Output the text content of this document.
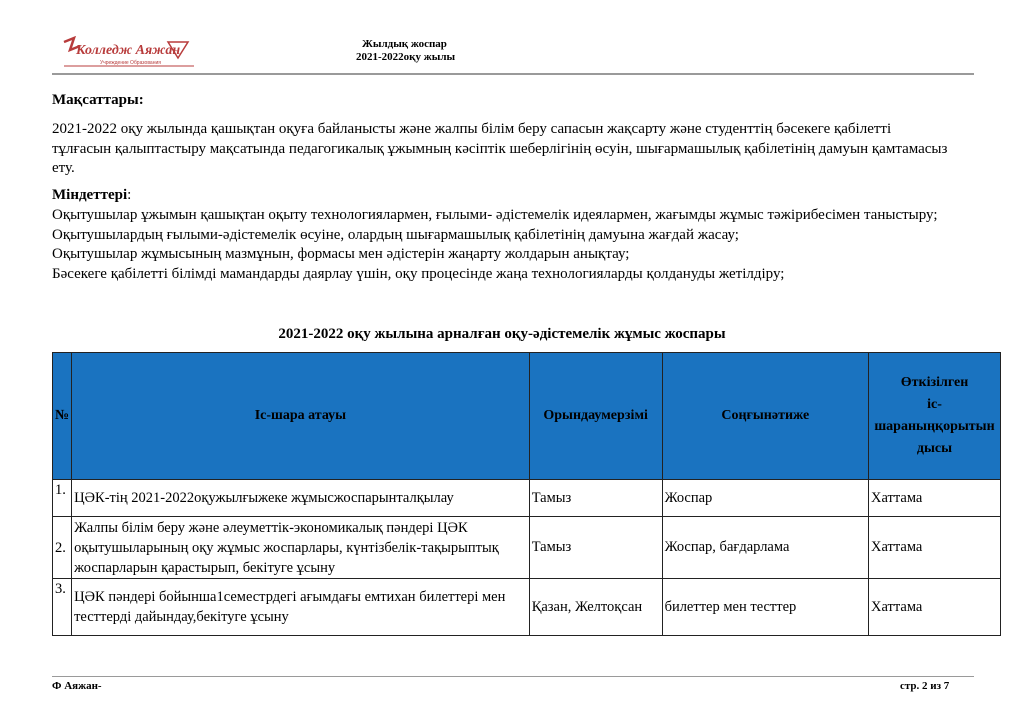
Колледж Аяжан
Учреждение Образования
Жылдық жоспар
2021-2022оқу жылы
Мақсаттары:
2021-2022 оқу жылында қашықтан оқуға байланысты және жалпы білім беру сапасын жақсарту және студенттің бәсекеге қабілетті тұлғасын қалыптастыру мақсатында педагогикалық ұжымның кәсіптік шеберлігінің өсуін, шығармашылық қабілетінің дамуын қамтамасыз ету.
Міндеттері:
Оқытушылар ұжымын қашықтан оқыту технологиялармен, ғылыми- әдістемелік идеялармен, жағымды жұмыс тәжірибесімен таныстыру;
Оқытушылардың ғылыми-әдістемелік өсуіне, олардың шығармашылық қабілетінің дамуына жағдай жасау;
Оқытушылар жұмысының мазмұнын, формасы мен әдістерін жаңарту жолдарын анықтау;
Бәсекеге қабілетті білімді мамандарды даярлау үшін, оқу процесінде жаңа технологияларды қолдануды жетілдіру;
2021-2022 оқу жылына арналған оқу-әдістемелік жұмыс жоспары
№	Іс-шара атауы	Орындаумерзімі	Соңғынәтиже	Өткізілген
іс-шараныңқорытын
дысы

1.	ЦӘК-тің 2021-2022оқужылғыжеке жұмысжоспарынталқылау	Тамыз	Жоспар	Хаттама
2.	Жалпы білім беру және әлеуметтік-экономикалық пәндері ЦӘК оқытушыларының оқу жұмыс жоспарлары, күнтізбелік-тақырыптық жоспарларын қарастырып, бекітуге ұсыну	Тамыз	Жоспар, бағдарлама	Хаттама
3.	ЦӘК пәндері бойынша1семестрдегі ағымдағы емтихан билеттері мен тесттерді дайындау,бекітуге ұсыну	Қазан, Желтоқсан	билеттер мен тесттер	Хаттама
Ф Аяжан-	стр. 2 из 7
